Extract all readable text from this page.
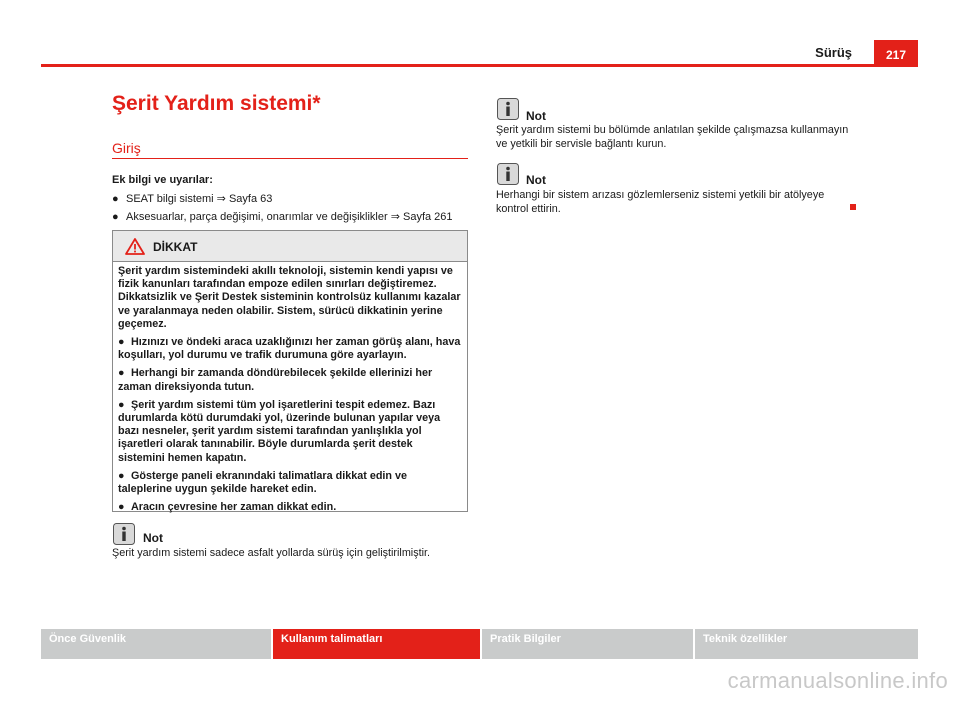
Sürüş	217
Şerit Yardım sistemi*
Giriş
Ek bilgi ve uyarılar:
● SEAT bilgi sistemi ⇒ Sayfa 63
● Aksesuarlar, parça değişimi, onarımlar ve değişiklikler ⇒ Sayfa 261
DİKKAT

Şerit yardım sistemindeki akıllı teknoloji, sistemin kendi yapısı ve fizik kanunları tarafından empoze edilen sınırları değiştiremez. Dikkatsizlik ve Şerit Destek sisteminin kontrolsüz kullanımı kazalar ve yaralanmaya neden olabilir. Sistem, sürücü dikkatinin yerine geçemez.

● Hızınızı ve öndeki araca uzaklığınızı her zaman görüş alanı, hava koşulları, yol durumu ve trafik durumuna göre ayarlayın.

● Herhangi bir zamanda döndürebilecek şekilde ellerinizi her zaman direksiyonda tutun.

● Şerit yardım sistemi tüm yol işaretlerini tespit edemez. Bazı durumlarda kötü durumdaki yol, üzerinde bulunan yapılar veya bazı nesneler, şerit yardım sistemi tarafından yanlışlıkla yol işaretleri olarak tanınabilir. Böyle durumlarda şerit destek sistemini hemen kapatın.

● Gösterge paneli ekranındaki talimatlara dikkat edin ve taleplerine uygun şekilde hareket edin.

● Aracın çevresine her zaman dikkat edin.

Not
Şerit yardım sistemi sadece asfalt yollarda sürüş için geliştirilmiştir.
Not
Şerit yardım sistemi bu bölümde anlatılan şekilde çalışmazsa kullanmayın ve yetkili bir servisle bağlantı kurun.
Not
Herhangi bir sistem arızası gözlemlerseniz sistemi yetkili bir atölyeye kontrol ettirin.
Önce Güvenlik	Kullanım talimatları	Pratik Bilgiler	Teknik özellikler
carmanualsonline.info
